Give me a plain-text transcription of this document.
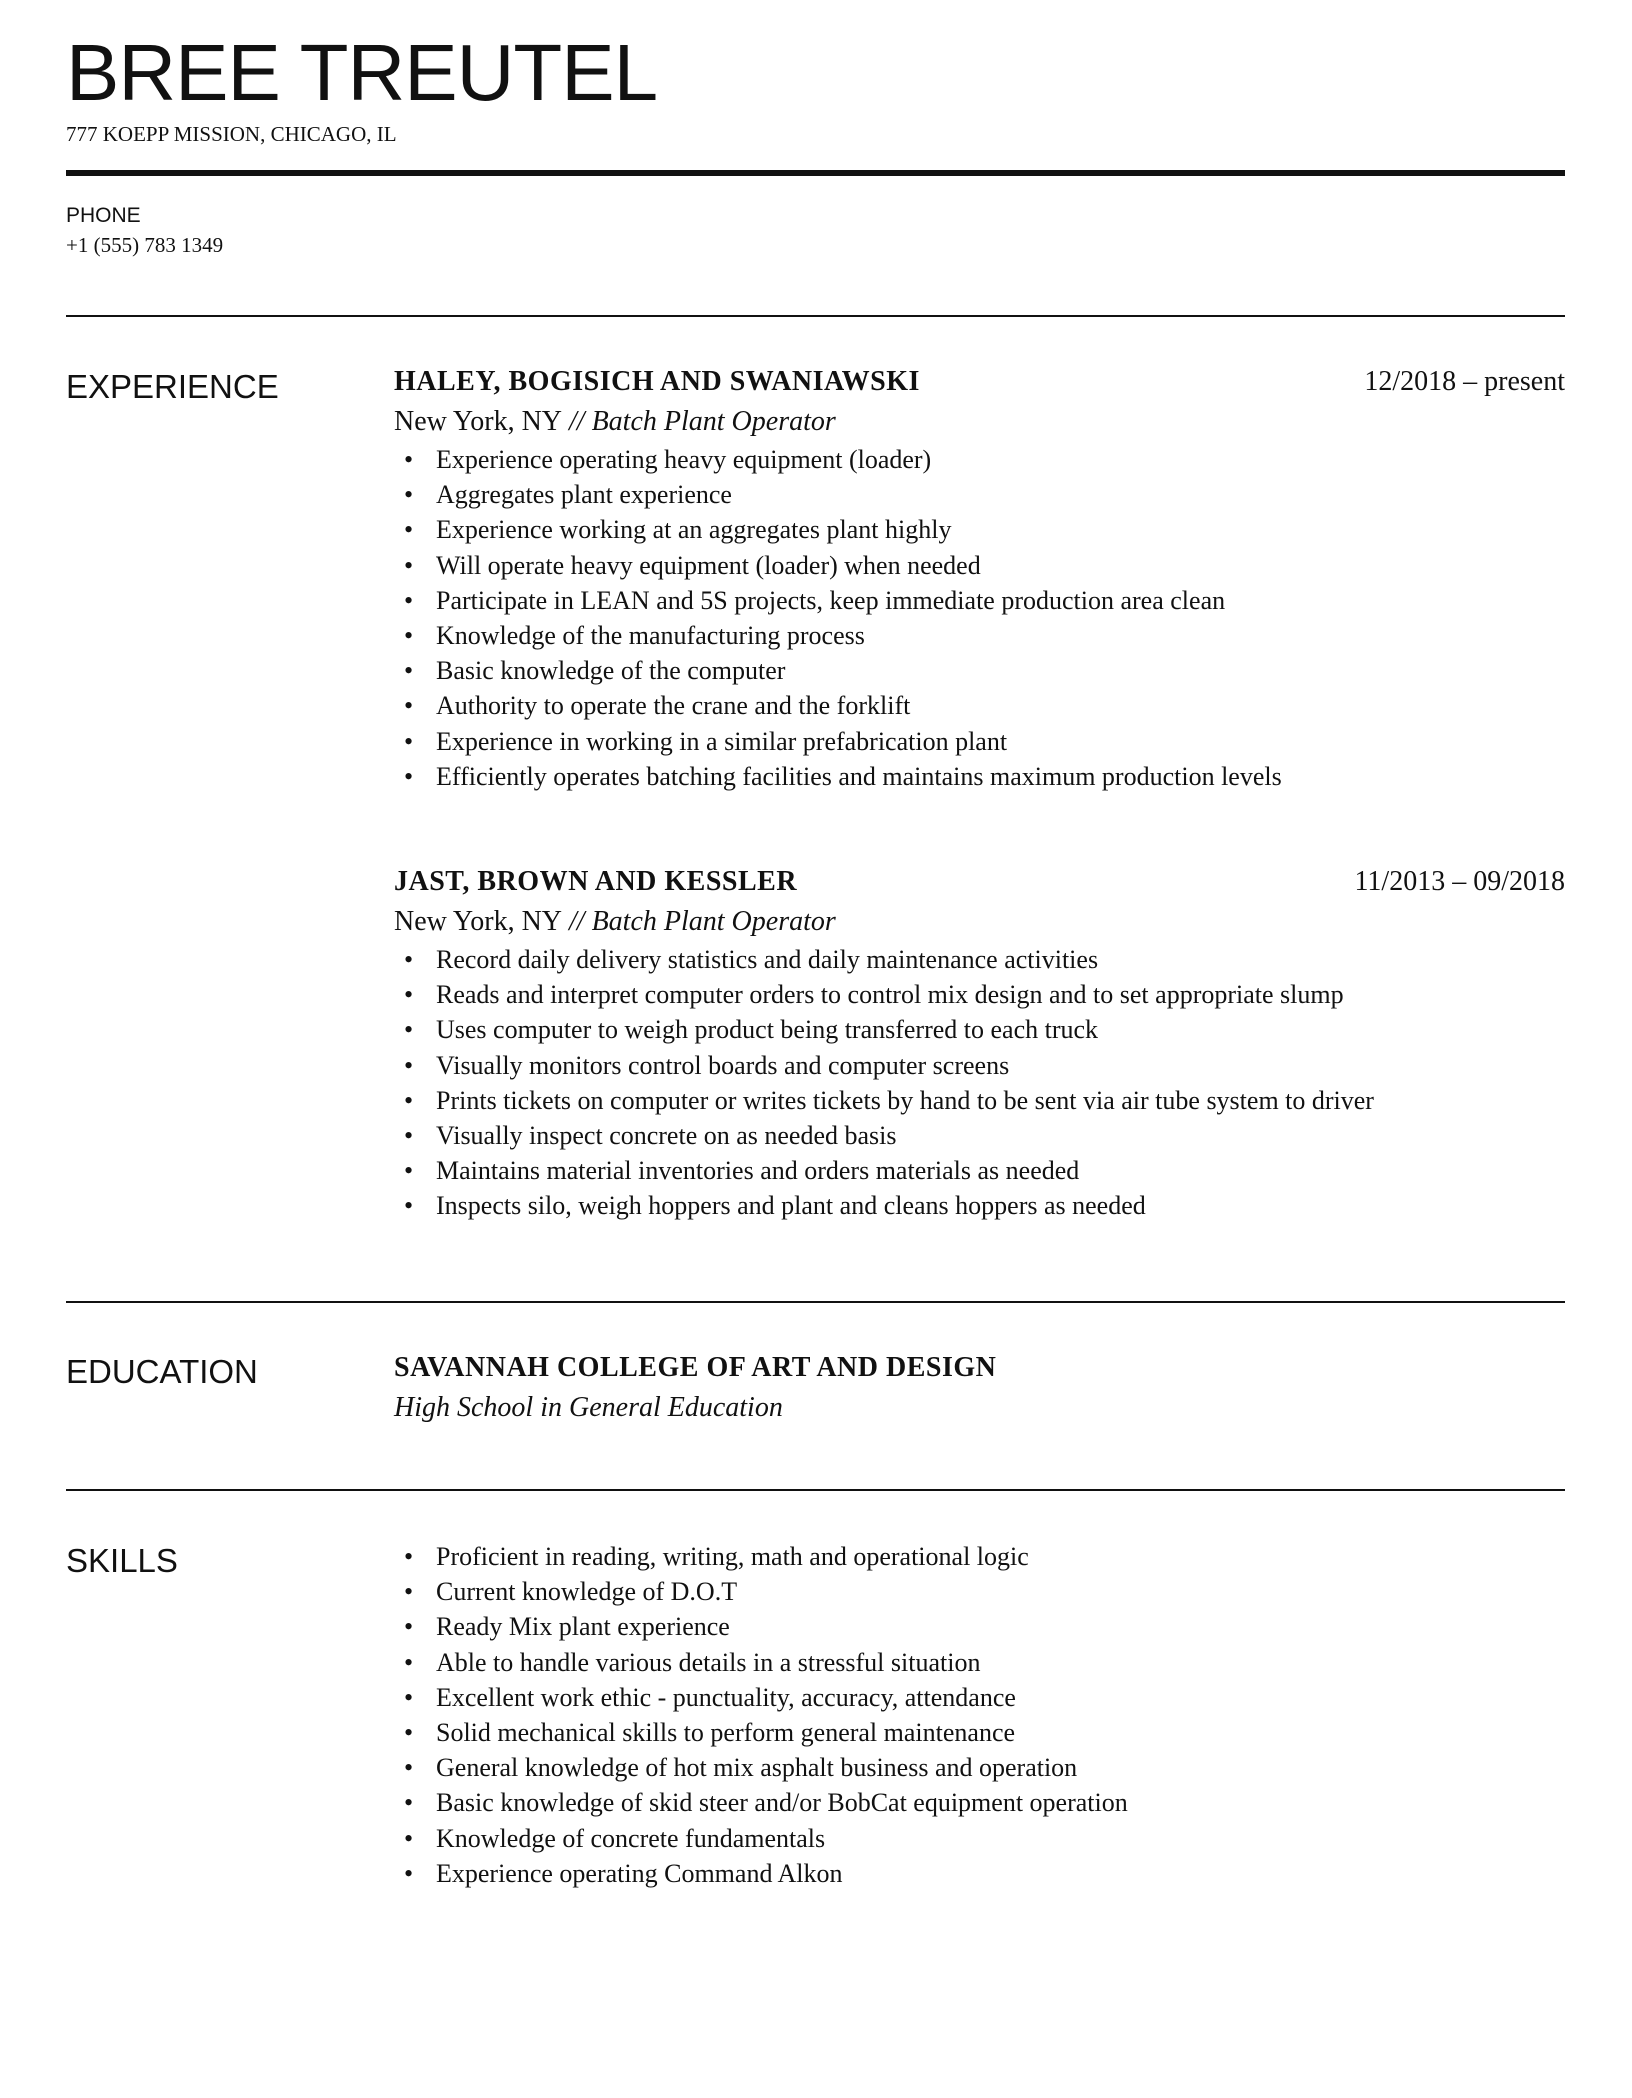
BREE TREUTEL
777 KOEPP MISSION, CHICAGO, IL
PHONE
+1 (555) 783 1349
EXPERIENCE	HALEY, BOGISICH AND SWANIAWSKI	12/2018 – present
New York, NY // Batch Plant Operator
• Experience operating heavy equipment (loader)
• Aggregates plant experience
• Experience working at an aggregates plant highly
• Will operate heavy equipment (loader) when needed
• Participate in LEAN and 5S projects, keep immediate production area clean
• Knowledge of the manufacturing process
• Basic knowledge of the computer
• Authority to operate the crane and the forklift
• Experience in working in a similar prefabrication plant
• Efficiently operates batching facilities and maintains maximum production levels
JAST, BROWN AND KESSLER	11/2013 – 09/2018
New York, NY // Batch Plant Operator
• Record daily delivery statistics and daily maintenance activities
• Reads and interpret computer orders to control mix design and to set appropriate slump
• Uses computer to weigh product being transferred to each truck
• Visually monitors control boards and computer screens
• Prints tickets on computer or writes tickets by hand to be sent via air tube system to driver
• Visually inspect concrete on as needed basis
• Maintains material inventories and orders materials as needed
• Inspects silo, weigh hoppers and plant and cleans hoppers as needed
EDUCATION	SAVANNAH COLLEGE OF ART AND DESIGN
High School in General Education
SKILLS
•	Proficient in reading, writing, math and operational logic
• Current knowledge of D.O.T
• Ready Mix plant experience
• Able to handle various details in a stressful situation
• Excellent work ethic - punctuality, accuracy, attendance
• Solid mechanical skills to perform general maintenance
• General knowledge of hot mix asphalt business and operation
• Basic knowledge of skid steer and/or BobCat equipment operation
• Knowledge of concrete fundamentals
• Experience operating Command Alkon
